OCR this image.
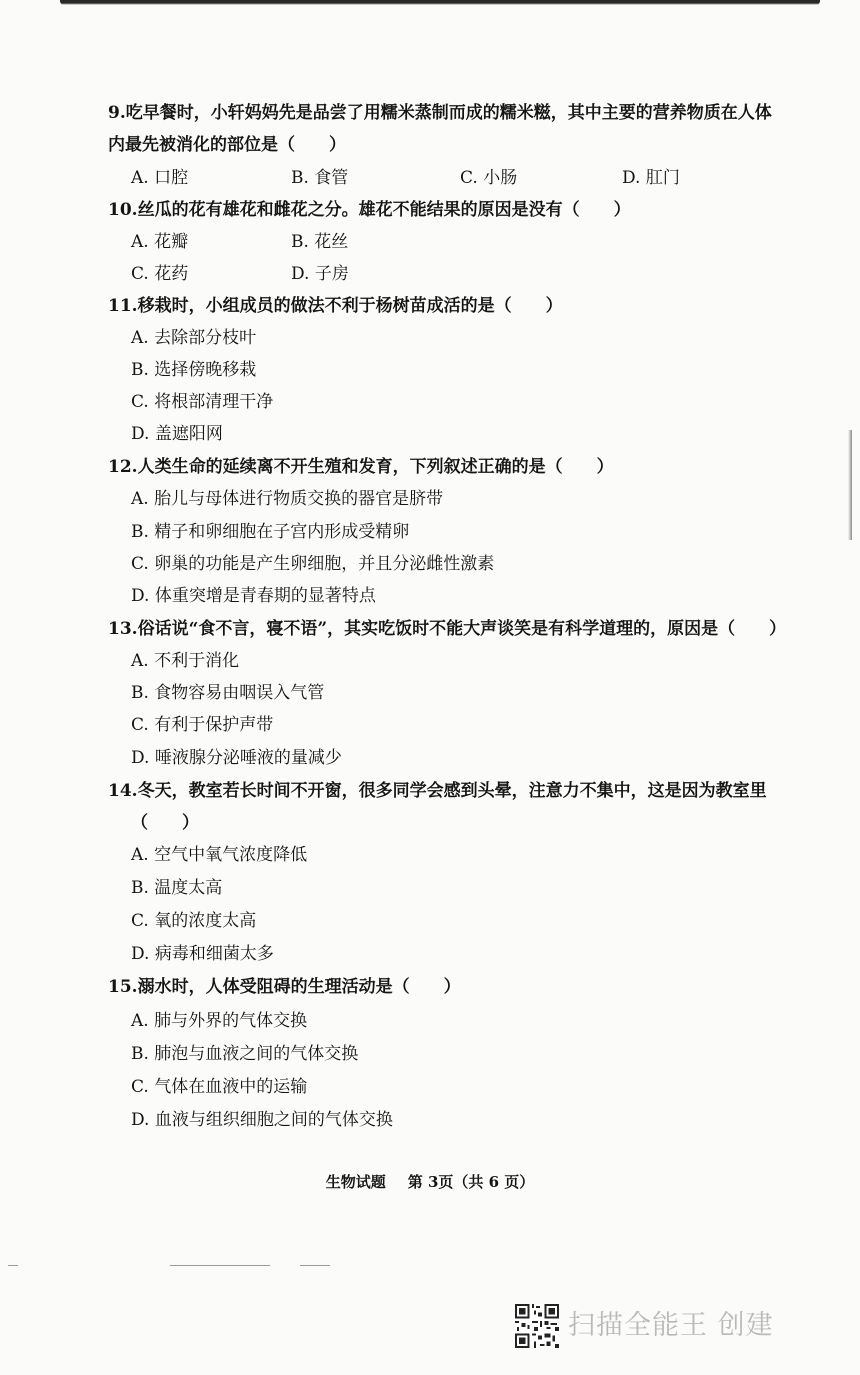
9.吃早餐时，小轩妈妈先是品尝了用糯米蒸制而成的糯米糍，其中主要的营养物质在人体
内最先被消化的部位是（　　）
A. 口腔	B. 食管	C. 小肠	D. 肛门
10.丝瓜的花有雄花和雌花之分。雄花不能结果的原因是没有（　　）
A. 花瓣	B. 花丝
C. 花药	D. 子房
11.移栽时，小组成员的做法不利于杨树苗成活的是（　　）
A. 去除部分枝叶
B. 选择傍晚移栽
C. 将根部清理干净
D. 盖遮阳网
12.人类生命的延续离不开生殖和发育，下列叙述正确的是（　　）
A. 胎儿与母体进行物质交换的器官是脐带
B. 精子和卵细胞在子宫内形成受精卵
C. 卵巢的功能是产生卵细胞，并且分泌雌性激素
D. 体重突增是青春期的显著特点
13.俗话说“食不言，寝不语”，其实吃饭时不能大声谈笑是有科学道理的，原因是（　　）
A. 不利于消化
B. 食物容易由咽误入气管
C. 有利于保护声带
D. 唾液腺分泌唾液的量减少
14.冬天，教室若长时间不开窗，很多同学会感到头晕，注意力不集中，这是因为教室里
（　　）
A. 空气中氧气浓度降低
B. 温度太高
C. 氧的浓度太高
D. 病毒和细菌太多
15.溺水时，人体受阻碍的生理活动是（　　）
A. 肺与外界的气体交换
B. 肺泡与血液之间的气体交换
C. 气体在血液中的运输
D. 血液与组织细胞之间的气体交换
生物试题 第 3页（共 6 页）
扫描全能王 创建
